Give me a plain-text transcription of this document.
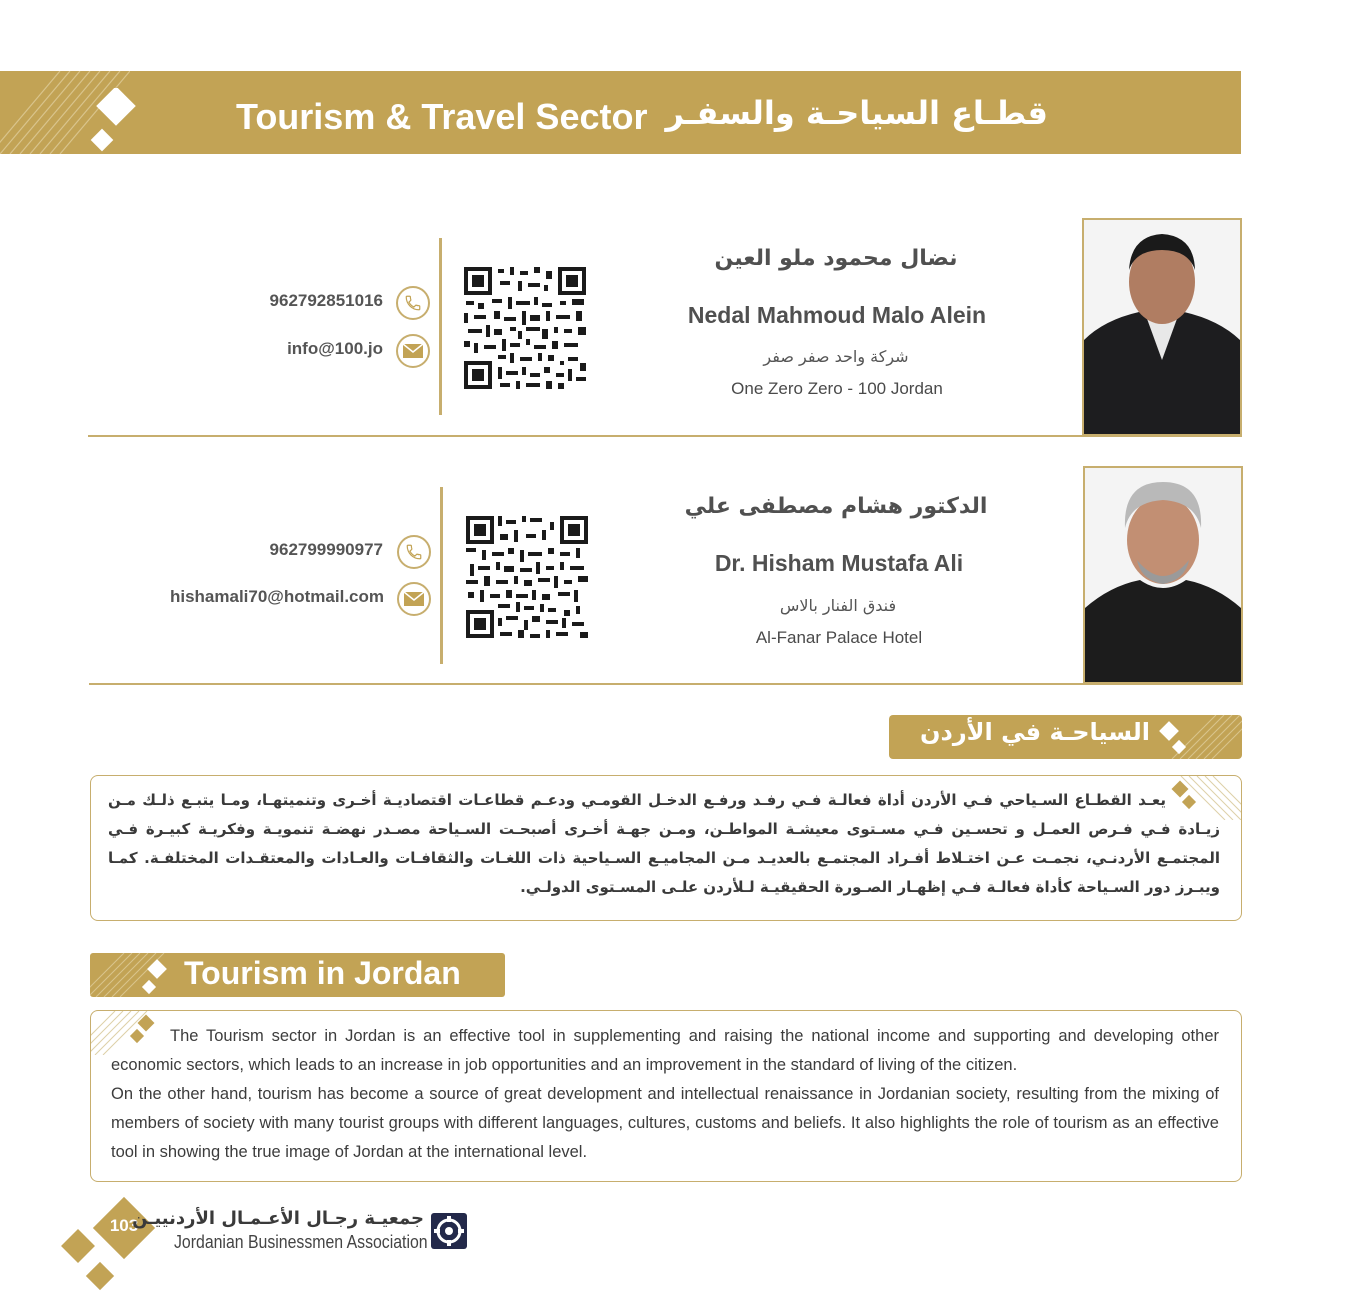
Tourism & Travel Sector قطـاع السياحـة والسفـر
نضال محمود ملو العين
Nedal Mahmoud Malo Alein
شركة واحد صفر صفر
One Zero Zero - 100 Jordan
962792851016
info@100.jo
الدكتور هشام مصطفى علي
Dr. Hisham Mustafa Ali
فندق الفنار بالاس
Al-Fanar Palace Hotel
962799990977
hishamali70@hotmail.com
السياحـة في الأردن
يعـد القطـاع السـياحي فـي الأردن أداة فعالـة فـي رفـد ورفـع الدخـل القومـي ودعـم قطاعـات اقتصاديـة أخـرى وتنميتهـا، ومـا يتبـع ذلـك مـن زيـادة فـي فـرص العمـل و تحسـين فـي مسـتوى معيشـة المواطـن، ومـن جهـة أخـرى أصبحـت السـياحة مصـدر نهضـة تنمويـة وفكريـة كبيـرة فـي المجتمـع الأردنـي، نجمـت عـن اختـلاط أفـراد المجتمـع بالعديـد مـن المجاميـع السـياحية ذات اللغـات والثقافـات والعـادات والمعتقـدات المختلفـة. كمـا ويبـرز دور السـياحة كأداة فعالـة فـي إظهـار الصـورة الحقيقيـة لـلأردن علـى المسـتوى الدولـي.
Tourism in Jordan

The Tourism sector in Jordan is an effective tool in supplementing and raising the national income and supporting and developing other economic sectors, which leads to an increase in job opportunities and an improvement in the standard of living of the citizen.

On the other hand, tourism has become a source of great development and intellectual renaissance in Jordanian society, resulting from the mixing of members of society with many tourist groups with different languages, cultures, customs and beliefs. It also highlights the role of tourism as an effective tool in showing the true image of Jordan at the international level.

103
جمعيـة رجـال الأعـمـال الأردنييـن
Jordanian Businessmen Association
